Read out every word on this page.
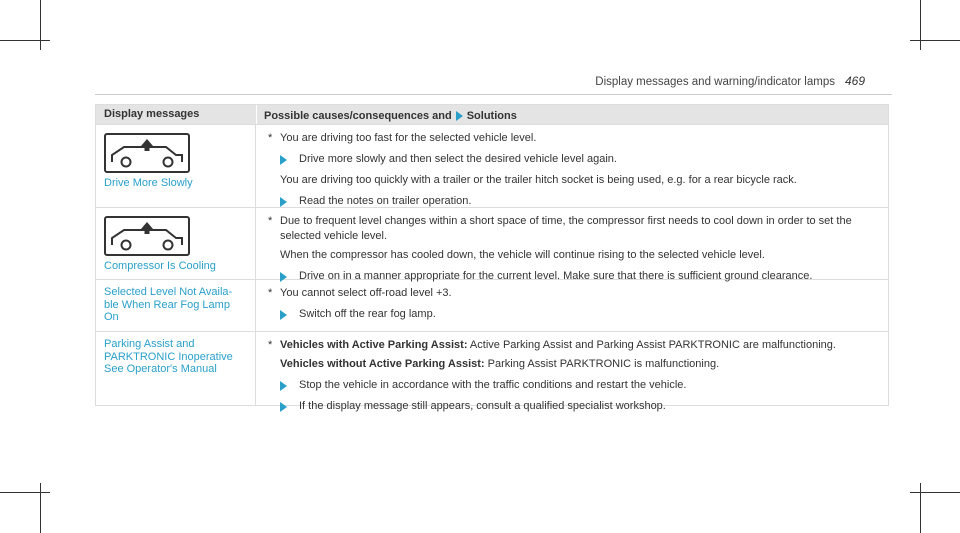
Display messages and warning/indicator lamps 469
Display messages	Possible causes/consequences and Solutions
Drive More Slowly
* You are driving too fast for the selected vehicle level.
Drive more slowly and then select the desired vehicle level again.
You are driving too quickly with a trailer or the trailer hitch socket is being used, e.g. for a rear bicycle rack.
Read the notes on trailer operation.
Compressor Is Cooling
* Due to frequent level changes within a short space of time, the compressor first needs to cool down in order to set the selected vehicle level.
When the compressor has cooled down, the vehicle will continue rising to the selected vehicle level.
Drive on in a manner appropriate for the current level. Make sure that there is sufficient ground clearance.
Selected Level Not Availa-
ble When Rear Fog Lamp
On
* You cannot select off-road level +3.
Switch off the rear fog lamp.
Parking Assist and
PARKTRONIC Inoperative
See Operator's Manual
* Vehicles with Active Parking Assist: Active Parking Assist and Parking Assist PARKTRONIC are malfunctioning.
Vehicles without Active Parking Assist: Parking Assist PARKTRONIC is malfunctioning.
Stop the vehicle in accordance with the traffic conditions and restart the vehicle.
If the display message still appears, consult a qualified specialist workshop.
